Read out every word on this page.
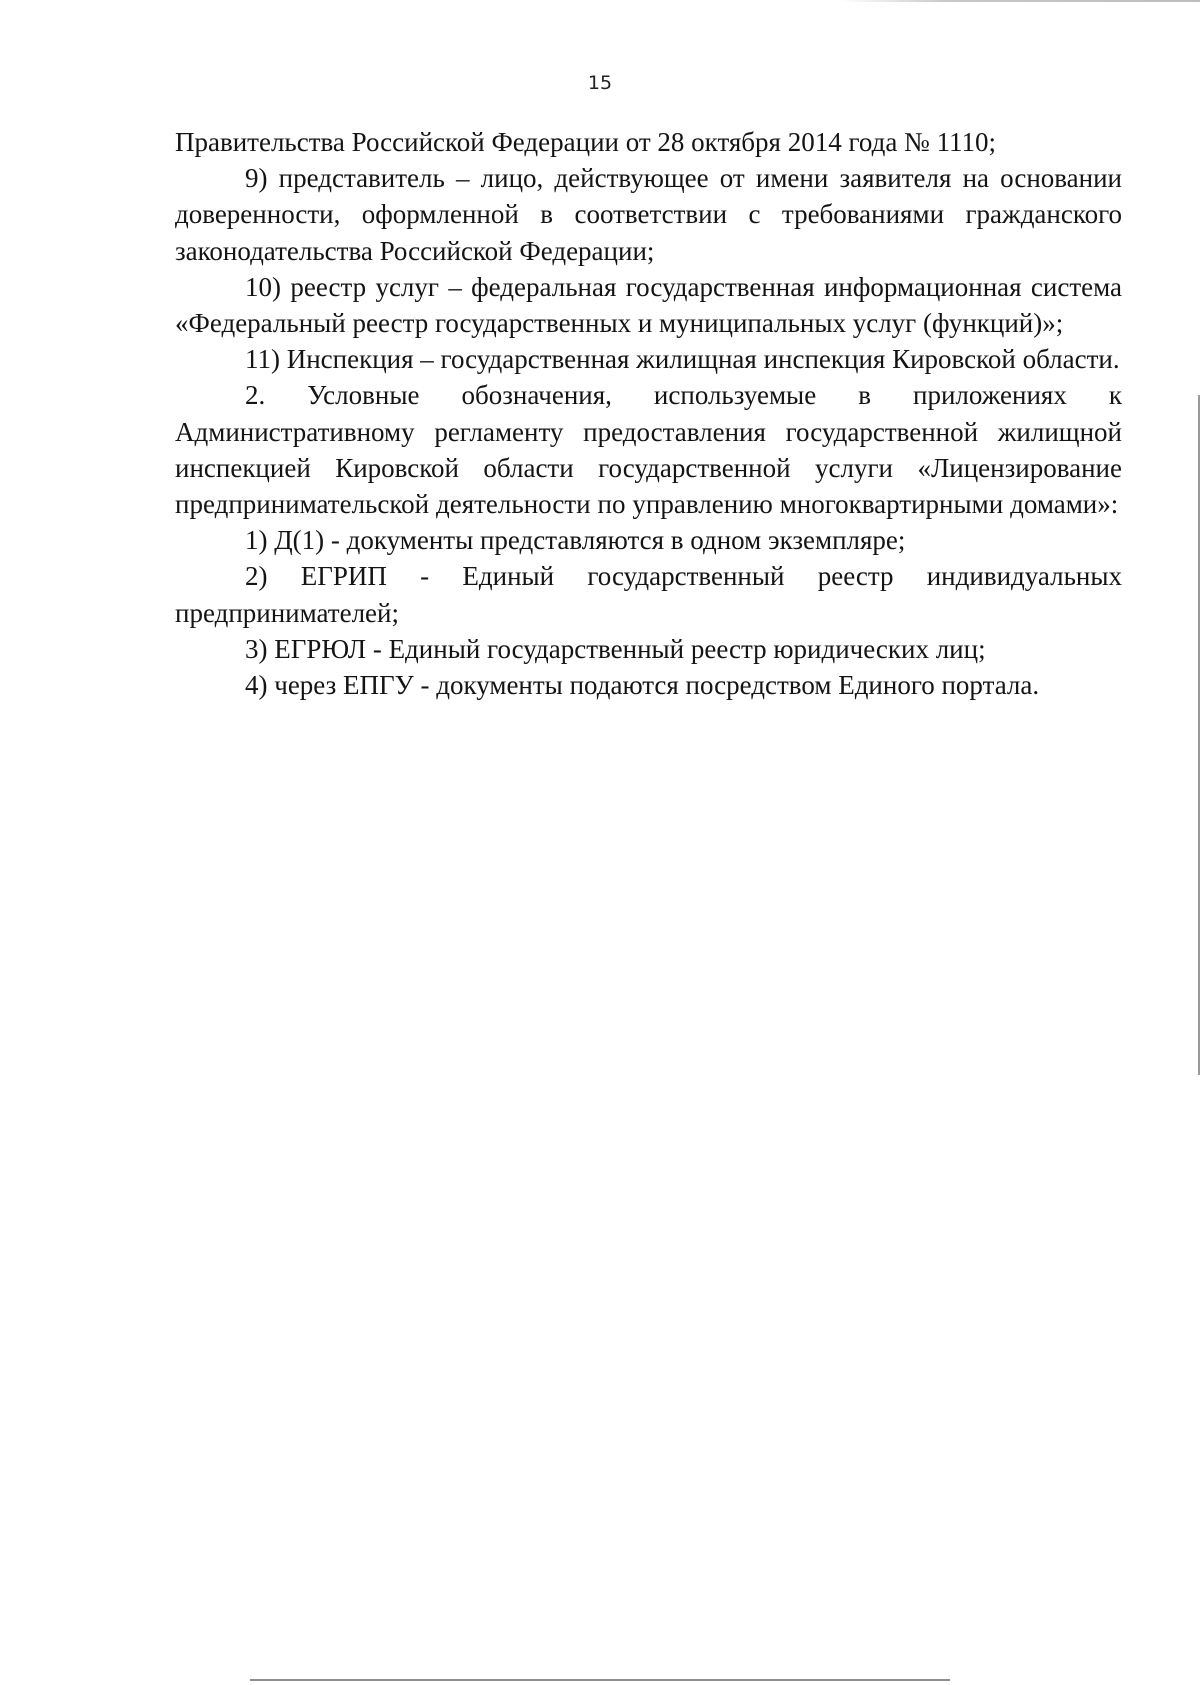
15

Правительства Российской Федерации от 28 октября 2014 года № 1110;

9) представитель – лицо, действующее от имени заявителя на основании доверенности, оформленной в соответствии с требованиями гражданского законодательства Российской Федерации;

10) реестр услуг – федеральная государственная информационная система «Федеральный реестр государственных и муниципальных услуг (функций)»;

11) Инспекция – государственная жилищная инспекция Кировской области.

2. Условные обозначения, используемые в приложениях к Административному регламенту предоставления государственной жилищной инспекцией Кировской области государственной услуги «Лицензирование предпринимательской деятельности по управлению многоквартирными домами»:

1) Д(1) - документы представляются в одном экземпляре;

2) ЕГРИП - Единый государственный реестр индивидуальных предпринимателей;

3) ЕГРЮЛ - Единый государственный реестр юридических лиц;

4) через ЕПГУ - документы подаются посредством Единого портала.
